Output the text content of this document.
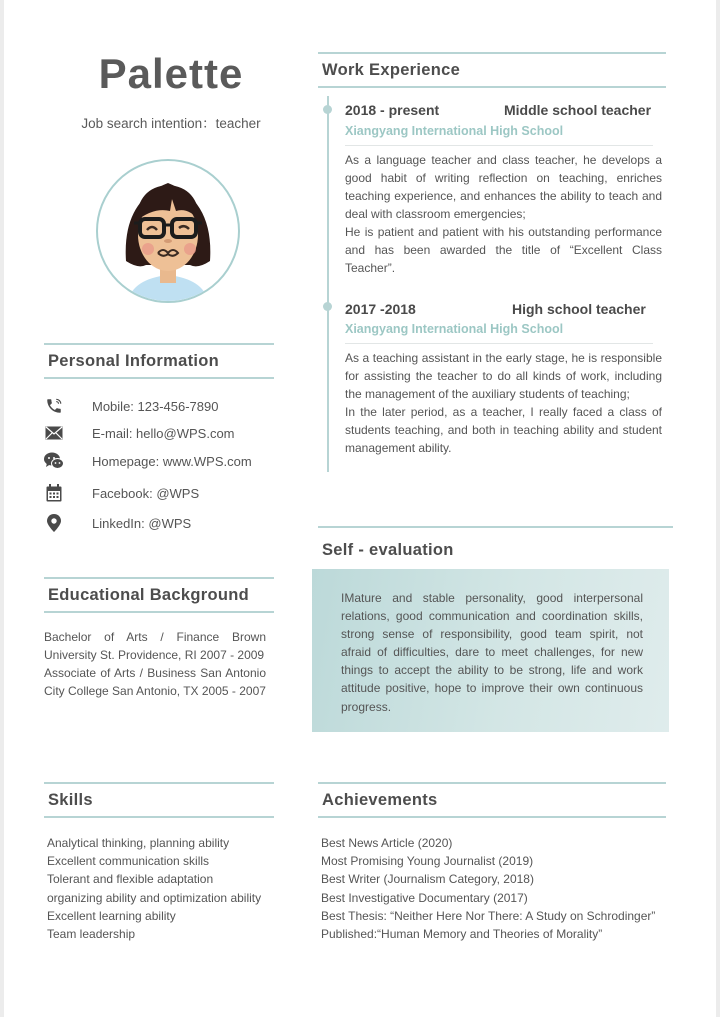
Palette
Job search intention：teacher
Personal Information
Mobile: 123-456-7890
E-mail: hello@WPS.com
Homepage: www.WPS.com
Facebook: @WPS
LinkedIn: @WPS
Educational Background

Bachelor of Arts / Finance Brown University St. Providence, RI 2007 - 2009

Associate of Arts / Business San Antonio City College San Antonio, TX 2005 - 2007

Skills
Analytical thinking, planning ability
Excellent communication skills
Tolerant and flexible adaptation
organizing ability and optimization ability
Excellent learning ability
Team leadership
Work Experience
2018 - present	Middle school teacher
Xiangyang International High School

As a language teacher and class teacher, he develops a good habit of writing reflection on teaching, enriches teaching experience, and enhances the ability to teach and deal with classroom emergencies;

He is patient and patient with his outstanding performance and has been awarded the title of “Excellent Class Teacher”.

2017 -2018	High school teacher
Xiangyang International High School

As a teaching assistant in the early stage, he is responsible for assisting the teacher to do all kinds of work, including the management of the auxiliary students of teaching;

In the later period, as a teacher, I really faced a class of students teaching, and both in teaching ability and student management ability.

Self - evaluation
IMature and stable personality, good interpersonal relations, good communication and coordination skills, strong sense of responsibility, good team spirit, not afraid of difficulties, dare to meet challenges, for new things to accept the ability to be strong, life and work attitude positive, hope to improve their own continuous progress.
Achievements
Best News Article (2020)
Most Promising Young Journalist (2019)
Best Writer (Journalism Category, 2018)
Best Investigative Documentary (2017)
Best Thesis: “Neither Here Nor There: A Study on Schrodinger”
Published:“Human Memory and Theories of Morality”
